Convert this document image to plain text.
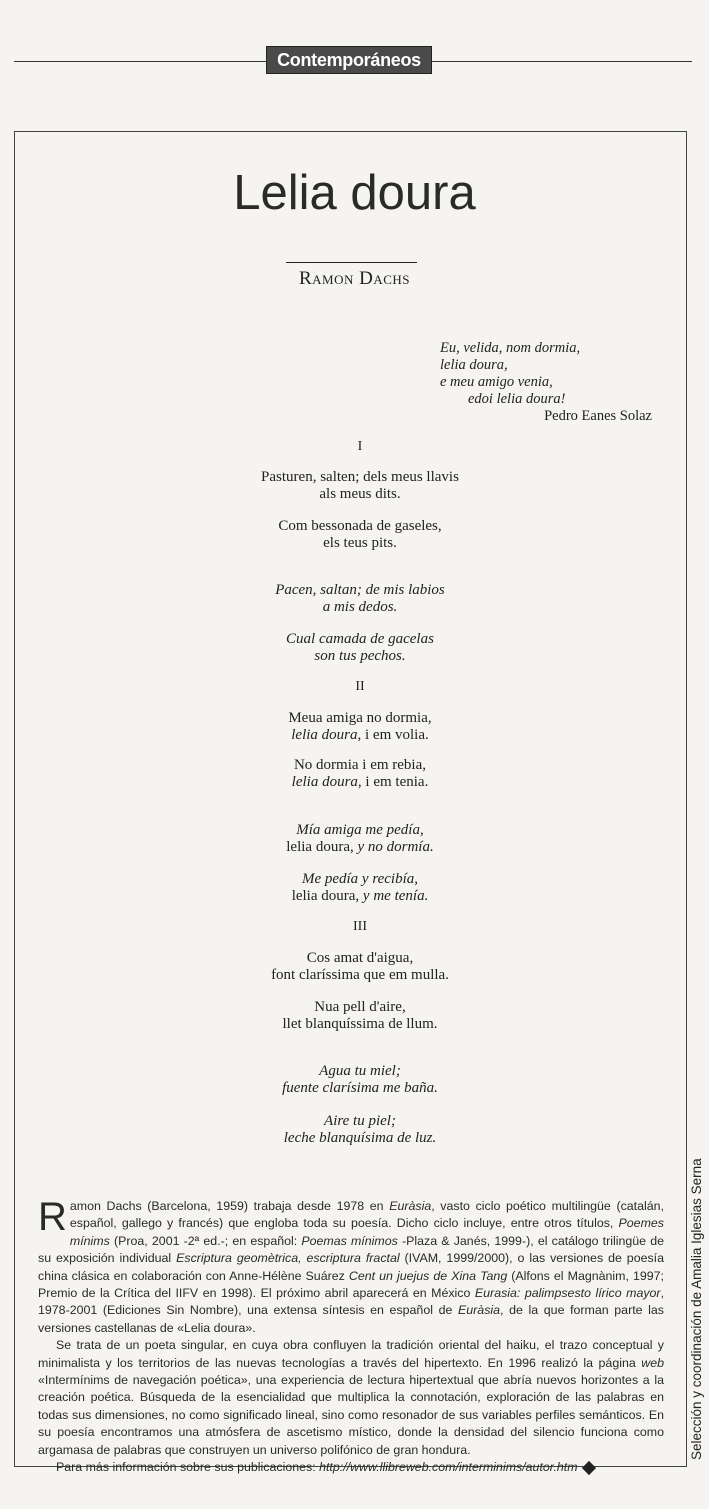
Contemporáneos
Lelia doura
Ramon Dachs
Eu, velida, nom dormia,
lelia doura,
e meu amigo venia,
edoi lelia doura!
Pedro Eanes Solaz
I
Pasturen, salten; dels meus llavis
als meus dits.
Com bessonada de gaseles,
els teus pits.
Pacen, saltan; de mis labios
a mis dedos.
Cual camada de gacelas
son tus pechos.
II
Meua amiga no dormia,
lelia doura, i em volia.
No dormia i em rebia,
lelia doura, i em tenia.
Mía amiga me pedía,
lelia doura, y no dormía.
Me pedía y recibía,
lelia doura, y me tenía.
III
Cos amat d'aigua,
font claríssima que em mulla.
Nua pell d'aire,
llet blanquíssima de llum.
Agua tu miel;
fuente clarísima me baña.
Aire tu piel;
leche blanquísima de luz.

Ramon Dachs (Barcelona, 1959) trabaja desde 1978 en Euràsia, vasto ciclo poético multilingüe (catalán, español, gallego y francés) que engloba toda su poesía. Dicho ciclo incluye, entre otros títulos, Poemes mínims (Proa, 2001 -2ª ed.-; en español: Poemas mínimos -Plaza & Janés, 1999-), el catálogo trilingüe de su exposición individual Escriptura geomètrica, escriptura fractal (IVAM, 1999/2000), o las versiones de poesía china clásica en colaboración con Anne-Hélène Suárez Cent un juejus de Xina Tang (Alfons el Magnànim, 1997; Premio de la Crítica del IIFV en 1998). El próximo abril aparecerá en México Eurasia: palimpsesto lírico mayor, 1978-2001 (Ediciones Sin Nombre), una extensa síntesis en español de Euràsia, de la que forman parte las versiones castellanas de «Lelia doura».

Se trata de un poeta singular, en cuya obra confluyen la tradición oriental del haiku, el trazo conceptual y minimalista y los territorios de las nuevas tecnologías a través del hipertexto. En 1996 realizó la página web «Intermínims de navegación poética», una experiencia de lectura hipertextual que abría nuevos horizontes a la creación poética. Búsqueda de la esencialidad que multiplica la connotación, exploración de las palabras en todas sus dimensiones, no como significado lineal, sino como resonador de sus variables perfiles semánticos. En su poesía encontramos una atmósfera de ascetismo místico, donde la densidad del silencio funciona como argamasa de palabras que construyen un universo polifónico de gran hondura.

Para más información sobre sus publicaciones: http://www.llibreweb.com/interminims/autor.htm

Selección y coordinación de Amalia Iglesias Serna
